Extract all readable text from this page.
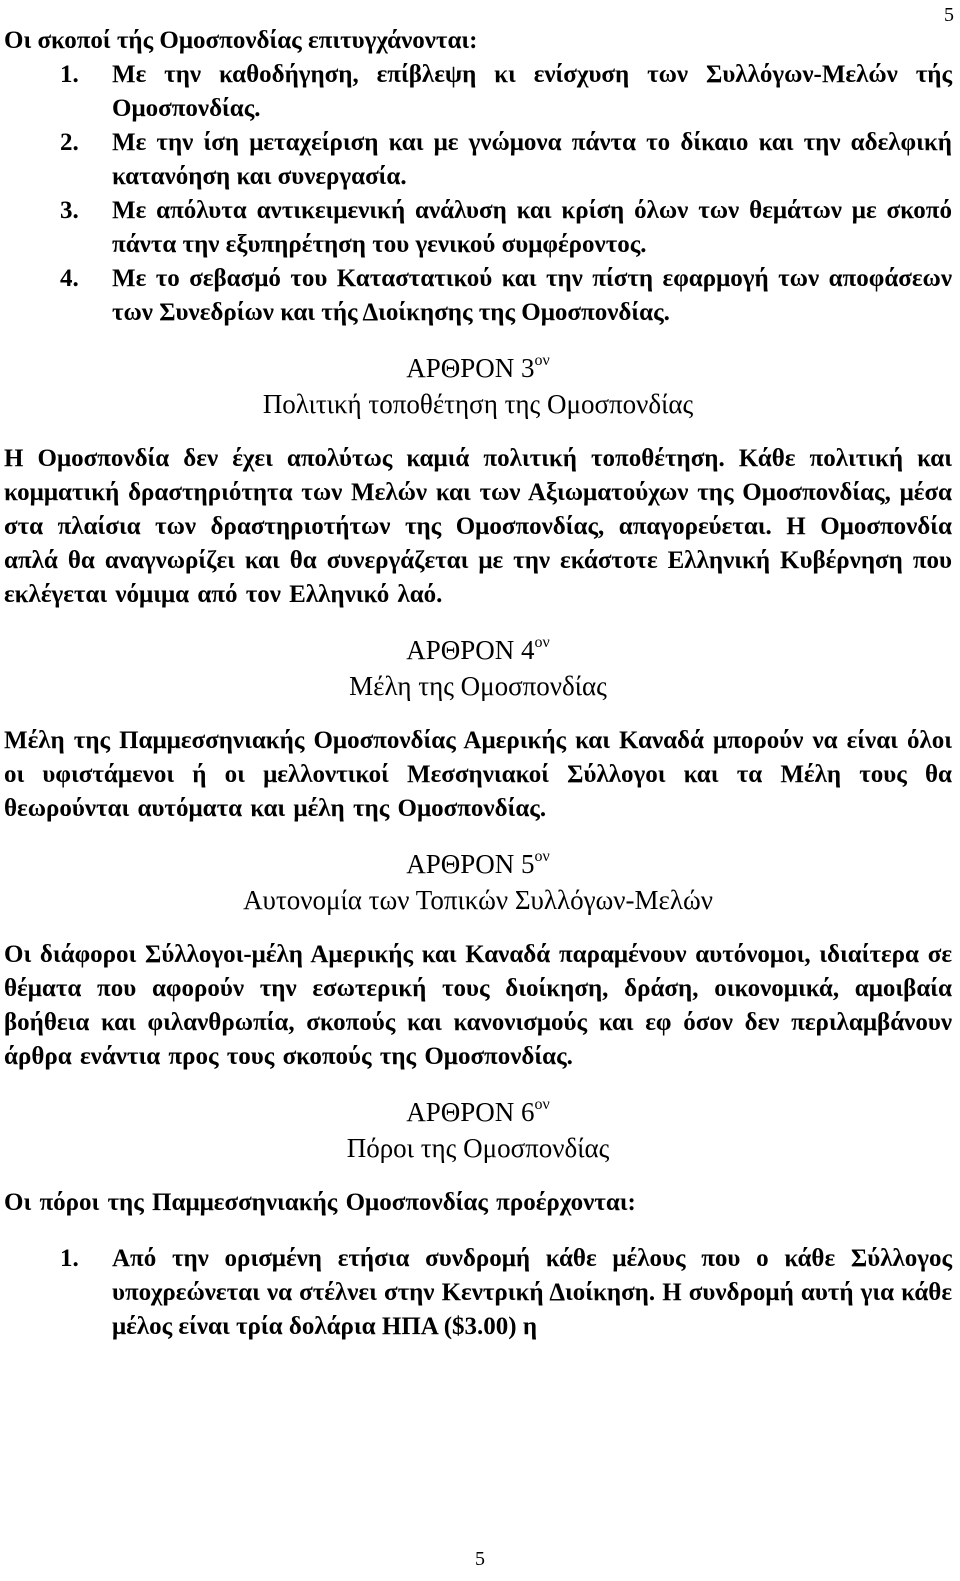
5

Οι σκοποί τής Ομοσπονδίας επιτυγχάνονται:

1. Με την καθοδήγηση, επίβλεψη κι ενίσχυση των Συλλόγων-Μελών τής Ομοσπονδίας.
2. Με την ίση μεταχείριση και με γνώμονα πάντα το δίκαιο και την αδελφική κατανόηση και συνεργασία.
3. Με απόλυτα αντικειμενική ανάλυση και κρίση όλων των θεμάτων με σκοπό πάντα την εξυπηρέτηση του γενικού συμφέροντος.
4. Με το σεβασμό του Καταστατικού και την πίστη εφαρμογή των αποφάσεων των Συνεδρίων και τής Διοίκησης της Ομοσπονδίας.
ΑΡΘΡΟΝ $3^{o\nu}$
Πολιτική τοποθέτηση της Ομοσπονδίας

Η Ομοσπονδία δεν έχει απολύτως καμιά πολιτική τοποθέτηση. Κάθε πολιτική και κομματική δραστηριότητα των Μελών και των Αξιωματούχων της Ομοσπονδίας, μέσα στα πλαίσια των δραστηριοτήτων της Ομοσπονδίας, απαγορεύεται. Η Ομοσπονδία απλά θα αναγνωρίζει και θα συνεργάζεται με την εκάστοτε Ελληνική Κυβέρνηση που εκλέγεται νόμιμα από τον Ελληνικό λαό.

ΑΡΘΡΟΝ $4^{o\nu}$
Μέλη της Ομοσπονδίας

Μέλη της Παμμεσσηνιακής Ομοσπονδίας Αμερικής και Καναδά μπορούν να είναι όλοι οι υφιστάμενοι ή οι μελλοντικοί Μεσσηνιακοί Σύλλογοι και τα Μέλη τους θα θεωρούνται αυτόματα και μέλη της Ομοσπονδίας.

ΑΡΘΡΟΝ $5^{o\nu}$
Αυτονομία των Τοπικών Συλλόγων-Μελών

Οι διάφοροι Σύλλογοι-μέλη Αμερικής και Καναδά παραμένουν αυτόνομοι, ιδιαίτερα σε θέματα που αφορούν την εσωτερική τους διοίκηση, δράση, οικονομικά, αμοιβαία βοήθεια και φιλανθρωπία, σκοπούς και κανονισμούς και εφ όσον δεν περιλαμβάνουν άρθρα ενάντια προς τους σκοπούς της Ομοσπονδίας.

ΑΡΘΡΟΝ $6^{o\nu}$
Πόροι της Ομοσπονδίας

Οι πόροι της Παμμεσσηνιακής Ομοσπονδίας προέρχονται:

1. Από την ορισμένη ετήσια συνδρομή κάθε μέλους που ο κάθε Σύλλογος υποχρεώνεται να στέλνει στην Κεντρική Διοίκηση. Η συνδρομή αυτή για κάθε μέλος είναι τρία δολάρια ΗΠΑ ($3.00) η
5
